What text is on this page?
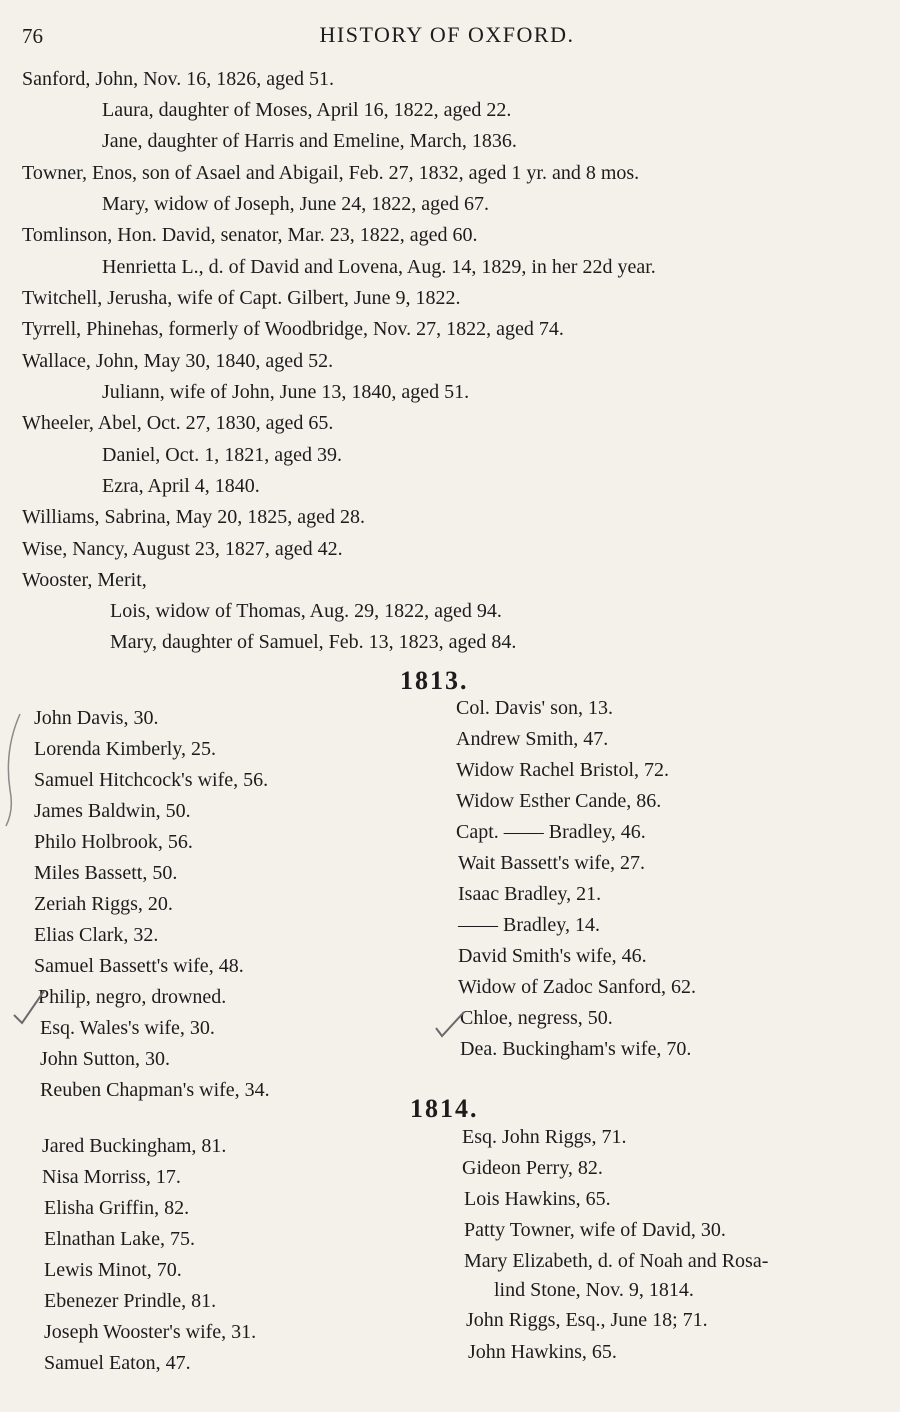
76	HISTORY OF OXFORD.
Sanford, John, Nov. 16, 1826, aged 51.
Laura, daughter of Moses, April 16, 1822, aged 22.
Jane, daughter of Harris and Emeline, March, 1836.
Towner, Enos, son of Asael and Abigail, Feb. 27, 1832, aged 1 yr. and 8 mos.
Mary, widow of Joseph, June 24, 1822, aged 67.
Tomlinson, Hon. David, senator, Mar. 23, 1822, aged 60.
Henrietta L., d. of David and Lovena, Aug. 14, 1829, in her 22d year.
Twitchell, Jerusha, wife of Capt. Gilbert, June 9, 1822.
Tyrrell, Phinehas, formerly of Woodbridge, Nov. 27, 1822, aged 74.
Wallace, John, May 30, 1840, aged 52.
Juliann, wife of John, June 13, 1840, aged 51.
Wheeler, Abel, Oct. 27, 1830, aged 65.
Daniel, Oct. 1, 1821, aged 39.
Ezra, April 4, 1840.
Williams, Sabrina, May 20, 1825, aged 28.
Wise, Nancy, August 23, 1827, aged 42.
Wooster, Merit,
Lois, widow of Thomas, Aug. 29, 1822, aged 94.
Mary, daughter of Samuel, Feb. 13, 1823, aged 84.
1813.
John Davis, 30.
Lorenda Kimberly, 25.
Samuel Hitchcock's wife, 56.
James Baldwin, 50.
Philo Holbrook, 56.
Miles Bassett, 50.
Zeriah Riggs, 20.
Elias Clark, 32.
Samuel Bassett's wife, 48.
Philip, negro, drowned.
Esq. Wales's wife, 30.
John Sutton, 30.
Reuben Chapman's wife, 34.
Col. Davis' son, 13.
Andrew Smith, 47.
Widow Rachel Bristol, 72.
Widow Esther Cande, 86.
Capt. —— Bradley, 46.
Wait Bassett's wife, 27.
Isaac Bradley, 21.
—— Bradley, 14.
David Smith's wife, 46.
Widow of Zadoc Sanford, 62.
Chloe, negress, 50.
Dea. Buckingham's wife, 70.
1814.
Jared Buckingham, 81.
Nisa Morriss, 17.
Elisha Griffin, 82.
Elnathan Lake, 75.
Lewis Minot, 70.
Ebenezer Prindle, 81.
Joseph Wooster's wife, 31.
Samuel Eaton, 47.
Esq. John Riggs, 71.
Gideon Perry, 82.
Lois Hawkins, 65.
Patty Towner, wife of David, 30.
Mary Elizabeth, d. of Noah and Rosa-
lind Stone, Nov. 9, 1814.
John Riggs, Esq., June 18; 71.
John Hawkins, 65.
